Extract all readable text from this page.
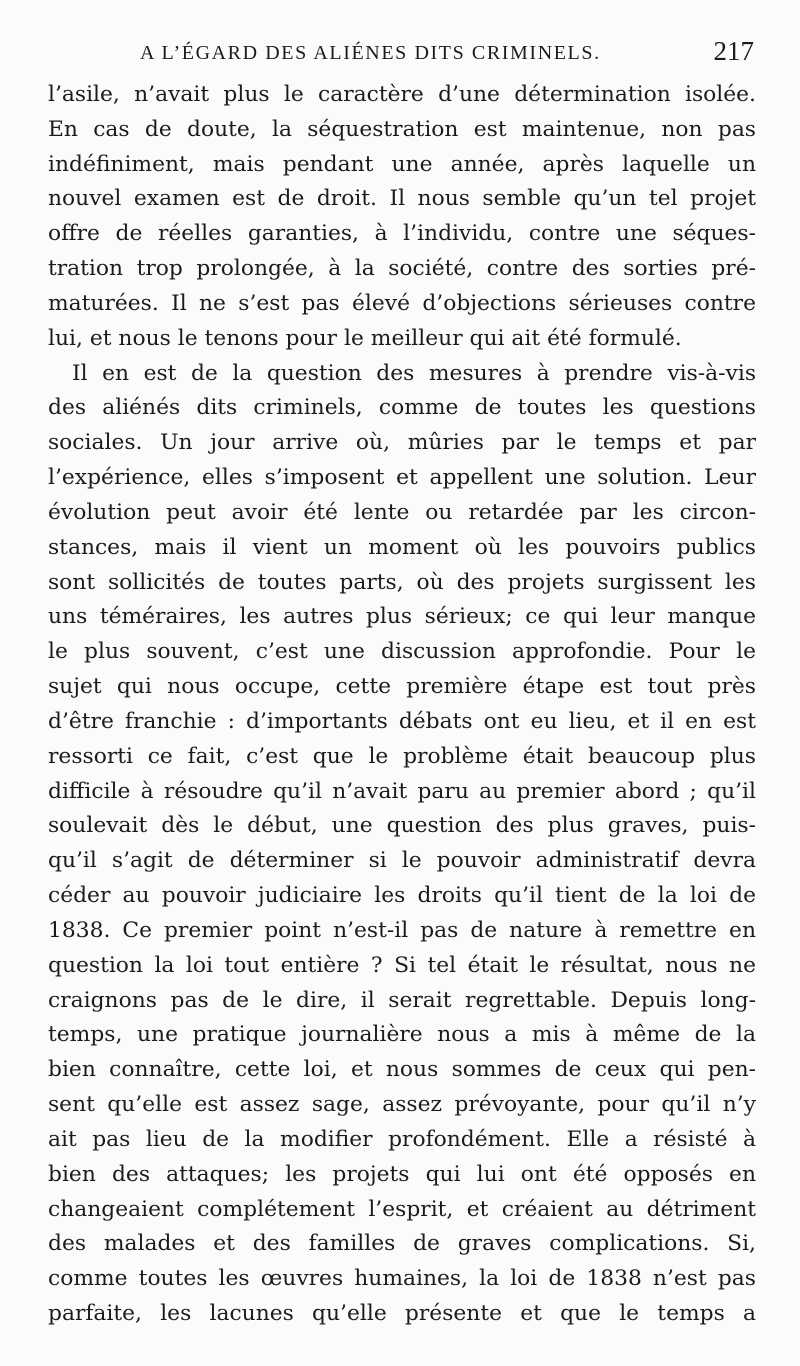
A L’ÉGARD DES ALIÉNES DITS CRIMINELS.	217
l’asile, n’avait plus le caractère d’une détermination isolée.
En cas de doute, la séquestration est maintenue, non pas
indéfiniment, mais pendant une année, après laquelle un
nouvel examen est de droit. Il nous semble qu’un tel projet
offre de réelles garanties, à l’individu, contre une séques-
tration trop prolongée, à la société, contre des sorties pré-
maturées. Il ne s’est pas élevé d’objections sérieuses contre
lui, et nous le tenons pour le meilleur qui ait été formulé.
Il en est de la question des mesures à prendre vis-à-vis
des aliénés dits criminels, comme de toutes les questions
sociales. Un jour arrive où, mûries par le temps et par
l’expérience, elles s’imposent et appellent une solution. Leur
évolution peut avoir été lente ou retardée par les circon-
stances, mais il vient un moment où les pouvoirs publics
sont sollicités de toutes parts, où des projets surgissent les
uns téméraires, les autres plus sérieux; ce qui leur manque
le plus souvent, c’est une discussion approfondie. Pour le
sujet qui nous occupe, cette première étape est tout près
d’être franchie : d’importants débats ont eu lieu, et il en est
ressorti ce fait, c’est que le problème était beaucoup plus
difficile à résoudre qu’il n’avait paru au premier abord ; qu’il
soulevait dès le début, une question des plus graves, puis-
qu’il s’agit de déterminer si le pouvoir administratif devra
céder au pouvoir judiciaire les droits qu’il tient de la loi de
1838. Ce premier point n’est-il pas de nature à remettre en
question la loi tout entière ? Si tel était le résultat, nous ne
craignons pas de le dire, il serait regrettable. Depuis long-
temps, une pratique journalière nous a mis à même de la
bien connaître, cette loi, et nous sommes de ceux qui pen-
sent qu’elle est assez sage, assez prévoyante, pour qu’il n’y
ait pas lieu de la modifier profondément. Elle a résisté à
bien des attaques; les projets qui lui ont été opposés en
changeaient complétement l’esprit, et créaient au détriment
des malades et des familles de graves complications. Si,
comme toutes les œuvres humaines, la loi de 1838 n’est pas
parfaite, les lacunes qu’elle présente et que le temps a
